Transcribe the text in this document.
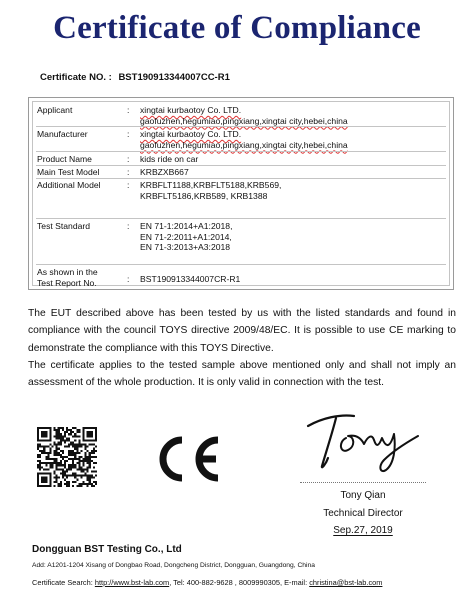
Certificate of Compliance
Certificate NO. : BST190913344007CC-R1
Applicant	: xingtai kurbaotoy Co. LTD.
gaofuzhen,hegumiao,pingxiang,xingtai city,hebei,china
Manufacturer	: xingtai kurbaotoy Co. LTD.
gaofuzhen,hegumiao,pingxiang,xingtai city,hebei,china
Product Name	: kids ride on car
Main Test Model	: KRBZXB667
Additional Model	: KRBFLT1188,KRBFLT5188,KRB569,
KRBFLT5186,KRB589, KRB1388
Test Standard	: EN 71-1:2014+A1:2018,
EN 71-2:2011+A1:2014,
EN 71-3:2013+A3:2018
As shown in the
Test Report No.	: BST190913344007CR-R1
The EUT described above has been tested by us with the listed standards and found in compliance with the council TOYS directive 2009/48/EC. It is possible to use CE marking to demonstrate the compliance with this TOYS Directive.
The certificate applies to the tested sample above mentioned only and shall not imply an assessment of the whole production. It is only valid in connection with the test.
Tony Qian
Technical Director
Sep.27, 2019
Dongguan BST Testing Co., Ltd
Add: A1201-1204 Xisang of Dongbao Road, Dongcheng District, Dongguan, Guangdong, China
Certificate Search: http://www.bst-lab.com, Tel: 400-882-9628 , 8009990305, E-mail: christina@bst-lab.com
